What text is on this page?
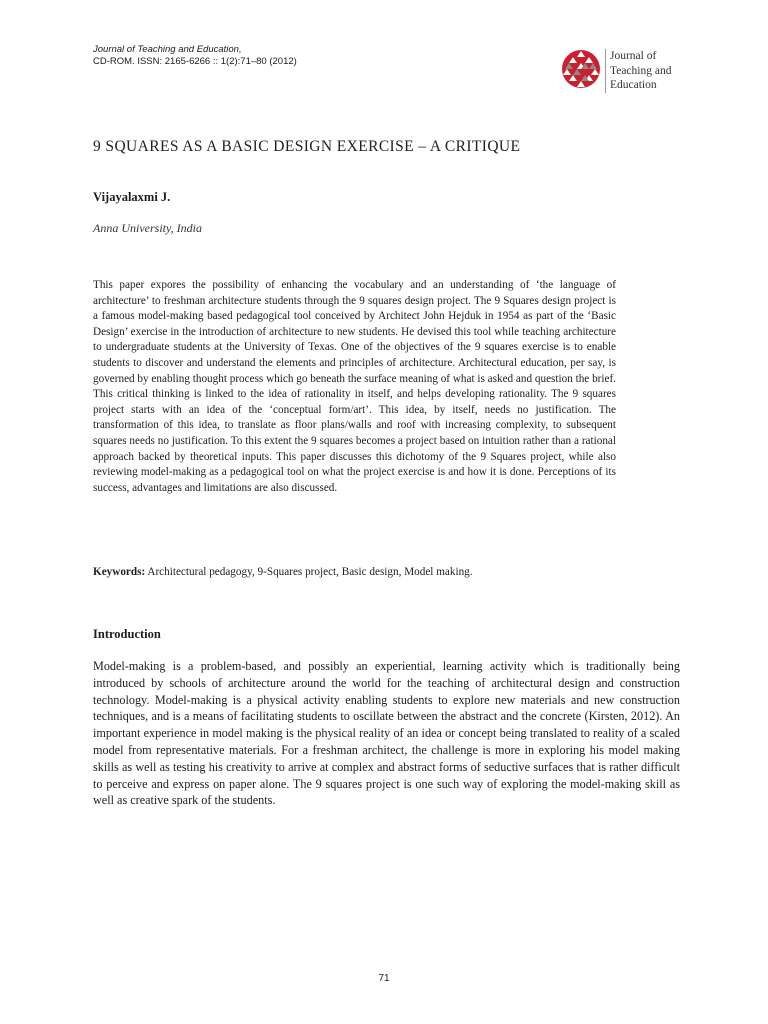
Journal of Teaching and Education,
CD-ROM. ISSN: 2165-6266 :: 1(2):71–80 (2012)	Journal of
Teaching and
Education
9 SQUARES AS A BASIC DESIGN EXERCISE – A CRITIQUE
Vijayalaxmi J.
Anna University, India

This paper expores the possibility of enhancing the vocabulary and an understanding of ‘the language of architecture’ to freshman architecture students through the 9 squares design project. The 9 Squares design project is a famous model-making based pedagogical tool conceived by Architect John Hejduk in 1954 as part of the ‘Basic Design’ exercise in the introduction of architecture to new students. He devised this tool while teaching architecture to undergraduate students at the University of Texas. One of the objectives of the 9 squares exercise is to enable students to discover and understand the elements and principles of architecture. Architectural education, per say, is governed by enabling thought process which go beneath the surface meaning of what is asked and question the brief. This critical thinking is linked to the idea of rationality in itself, and helps developing rationality. The 9 squares project starts with an idea of the ‘conceptual form/art’. This idea, by itself, needs no justification. The transformation of this idea, to translate as floor plans/walls and roof with increasing complexity, to subsequent squares needs no justification. To this extent the 9 squares becomes a project based on intuition rather than a rational approach backed by theoretical inputs. This paper discusses this dichotomy of the 9 Squares project, while also reviewing model-making as a pedagogical tool on what the project exercise is and how it is done. Perceptions of its success, advantages and limitations are also discussed.

Keywords: Architectural pedagogy, 9-Squares project, Basic design, Model making.

Introduction

Model-making is a problem-based, and possibly an experiential, learning activity which is traditionally being introduced by schools of architecture around the world for the teaching of architectural design and construction technology. Model-making is a physical activity enabling students to explore new materials and new construction techniques, and is a means of facilitating students to oscillate between the abstract and the concrete (Kirsten, 2012). An important experience in model making is the physical reality of an idea or concept being translated to reality of a scaled model from representative materials. For a freshman architect, the challenge is more in exploring his model making skills as well as testing his creativity to arrive at complex and abstract forms of seductive surfaces that is rather difficult to perceive and express on paper alone. The 9 squares project is one such way of exploring the model-making skill as well as creative spark of the students.

71
